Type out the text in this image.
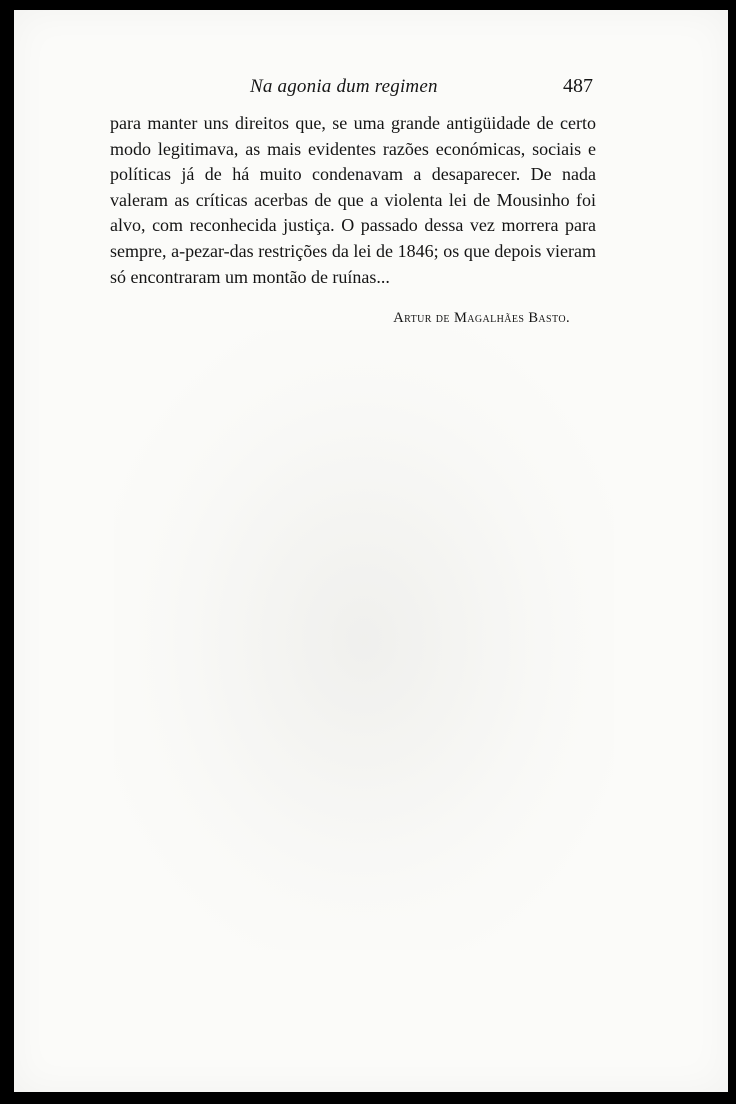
Na agonia dum regimen	487

para manter uns direitos que, se uma grande antigüidade de certo modo legitimava, as mais evidentes razões económicas, sociais e políticas já de há muito condenavam a desaparecer. De nada valeram as críticas acerbas de que a violenta lei de Mousinho foi alvo, com reconhecida justiça. O passado dessa vez morrera para sempre, a-pezar-das restrições da lei de 1846; os que depois vieram só encontraram um montão de ruínas...

Artur de Magalhães Basto.
